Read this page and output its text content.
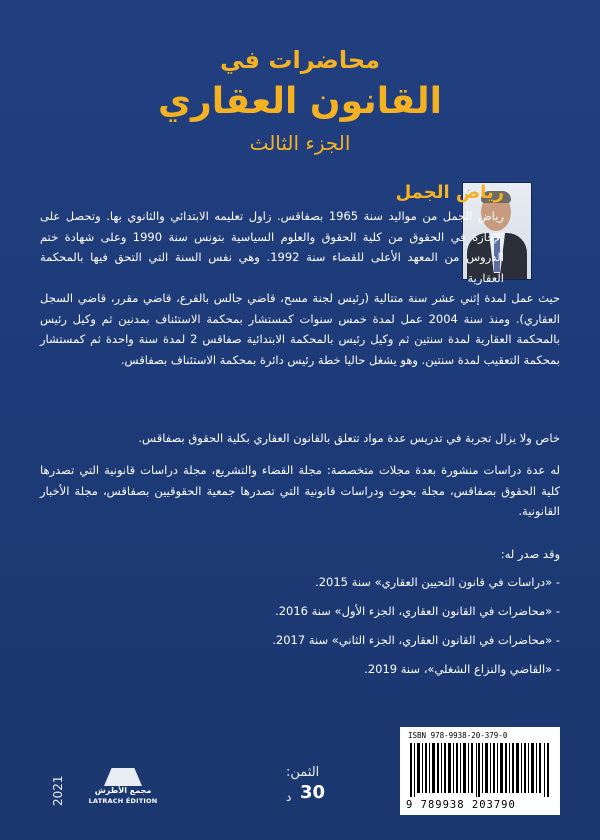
محاضرات في
القانون العقاري
الجزء الثالث
رياض الجمل
رياض الجمل من مواليد سنة 1965 بصفاقس. زاول تعليمه الابتدائي والثانوي بها. وتحصل على الإجازة في الحقوق من كلية الحقوق والعلوم السياسية بتونس سنة 1990 وعلى شهادة ختم الدروس من المعهد الأعلى للقضاء سنة 1992. وهي نفس السنة التي التحق فيها بالمحكمة العقارية
حيث عمل لمدة إثني عشر سنة متتالية (رئيس لجنة مسح، قاضي جالس بالفرع، قاضي مقرر، قاضي السجل العقاري). ومنذ سنة 2004 عمل لمدة خمس سنوات كمستشار بمحكمة الاستئناف بمدنين ثم وكيل رئيس بالمحكمة العقارية لمدة سنتين ثم وكيل رئيس بالمحكمة الابتدائية صفاقس 2 لمدة سنة واحدة ثم كمستشار بمحكمة التعقيب لمدة سنتين. وهو يشغل حاليا خطة رئيس دائرة بمحكمة الاستئناف بصفاقس.
خاص ولا يزال تجربة في تدريس عدة مواد تتعلق بالقانون العقاري بكلية الحقوق بصفاقس.
له عدة دراسات منشورة بعدة مجلات متخصصة: مجلة القضاء والتشريع، مجلة دراسات قانونية التي تصدرها كلية الحقوق بصفاقس، مجلة بحوث ودراسات قانونية التي تصدرها جمعية الحقوقيين بصفاقس، مجلة الأخبار القانونية.
وقد صدر له:
- «دراسات في قانون التحيين العقاري» سنة 2015.
- «محاضرات في القانون العقاري، الجزء الأول» سنة 2016.
- «محاضرات في القانون العقاري، الجزء الثاني» سنة 2017.
- «القاضي والنزاع الشغلي»، سنة 2019.
2021	مجمع الأطرش
LATRACH ÉDITION
الثمن:
30
د
ISBN 978-9938-20-379-0
9 789938 203790
